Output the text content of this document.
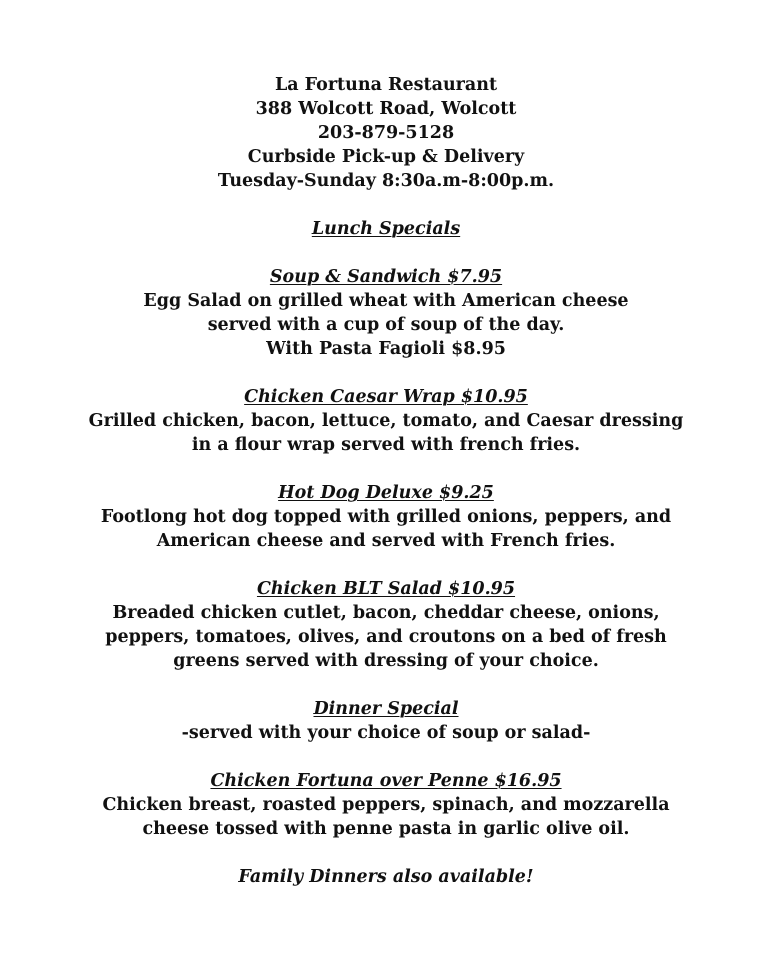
La Fortuna Restaurant
388 Wolcott Road, Wolcott
203-879-5128
Curbside Pick-up & Delivery
Tuesday-Sunday 8:30a.m-8:00p.m.
Lunch Specials
Soup & Sandwich $7.95
Egg Salad on grilled wheat with American cheese
served with a cup of soup of the day.
With Pasta Fagioli $8.95
Chicken Caesar Wrap $10.95
Grilled chicken, bacon, lettuce, tomato, and Caesar dressing
in a flour wrap served with french fries.
Hot Dog Deluxe $9.25
Footlong hot dog topped with grilled onions, peppers, and
American cheese and served with French fries.
Chicken BLT Salad $10.95
Breaded chicken cutlet, bacon, cheddar cheese, onions,
peppers, tomatoes, olives, and croutons on a bed of fresh
greens served with dressing of your choice.
Dinner Special
-served with your choice of soup or salad-
Chicken Fortuna over Penne $16.95
Chicken breast, roasted peppers, spinach, and mozzarella
cheese tossed with penne pasta in garlic olive oil.
Family Dinners also available!
